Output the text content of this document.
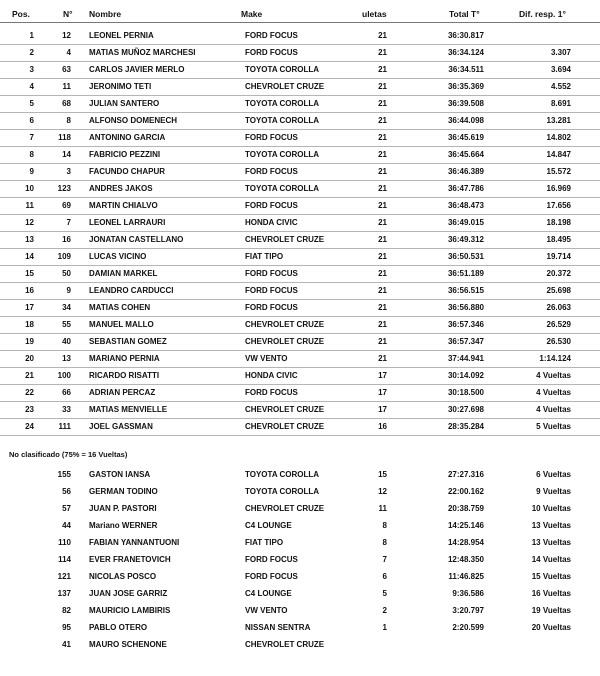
Pos.	N° Nombre	Make	uletas	Total T°	Dif. resp. 1°
1	12 LEONEL PERNIA	FORD FOCUS	21	36:30.817
2	4 MATIAS MUÑOZ MARCHESI	FORD FOCUS	21	36:34.124	3.307
3	63 CARLOS JAVIER MERLO	TOYOTA COROLLA	21	36:34.511	3.694
4	11 JERONIMO TETI	CHEVROLET CRUZE	21	36:35.369	4.552
5	68 JULIAN SANTERO	TOYOTA COROLLA	21	36:39.508	8.691
6	8 ALFONSO DOMENECH	TOYOTA COROLLA	21	36:44.098	13.281
7	118 ANTONINO GARCIA	FORD FOCUS	21	36:45.619	14.802
8	14 FABRICIO PEZZINI	TOYOTA COROLLA	21	36:45.664	14.847
9	3 FACUNDO CHAPUR	FORD FOCUS	21	36:46.389	15.572
10	123 ANDRES JAKOS	TOYOTA COROLLA	21	36:47.786	16.969
11	69 MARTIN CHIALVO	FORD FOCUS	21	36:48.473	17.656
12	7 LEONEL LARRAURI	HONDA CIVIC	21	36:49.015	18.198
13	16 JONATAN CASTELLANO	CHEVROLET CRUZE	21	36:49.312	18.495
14	109 LUCAS VICINO	FIAT TIPO	21	36:50.531	19.714
15	50 DAMIAN MARKEL	FORD FOCUS	21	36:51.189	20.372
16	9 LEANDRO CARDUCCI	FORD FOCUS	21	36:56.515	25.698
17	34 MATIAS COHEN	FORD FOCUS	21	36:56.880	26.063
18	55 MANUEL MALLO	CHEVROLET CRUZE	21	36:57.346	26.529
19	40 SEBASTIAN GOMEZ	CHEVROLET CRUZE	21	36:57.347	26.530
20	13 MARIANO PERNIA	VW VENTO	21	37:44.941	1:14.124
21	100 RICARDO RISATTI	HONDA CIVIC	17	30:14.092	4 Vueltas
22	66 ADRIAN PERCAZ	FORD FOCUS	17	30:18.500	4 Vueltas
23	33 MATIAS MENVIELLE	CHEVROLET CRUZE	17	30:27.698	4 Vueltas
24	111 JOEL GASSMAN	CHEVROLET CRUZE	16	28:35.284	5 Vueltas
No clasificado (75% = 16 Vueltas)
155 GASTON IANSA	TOYOTA COROLLA	15	27:27.316	6 Vueltas
56 GERMAN TODINO	TOYOTA COROLLA	12	22:00.162	9 Vueltas
57 JUAN P. PASTORI	CHEVROLET CRUZE	11	20:38.759	10 Vueltas
44 Mariano WERNER	C4 LOUNGE	8	14:25.146	13 Vueltas
110 FABIAN YANNANTUONI	FIAT TIPO	8	14:28.954	13 Vueltas
114 EVER FRANETOVICH	FORD FOCUS	7	12:48.350	14 Vueltas
121 NICOLAS POSCO	FORD FOCUS	6	11:46.825	15 Vueltas
137 JUAN JOSE GARRIZ	C4 LOUNGE	5	9:36.586	16 Vueltas
82 MAURICIO LAMBIRIS	VW VENTO	2	3:20.797	19 Vueltas
95 PABLO OTERO	NISSAN SENTRA	1	2:20.599	20 Vueltas
41 MAURO SCHENONE	CHEVROLET CRUZE
